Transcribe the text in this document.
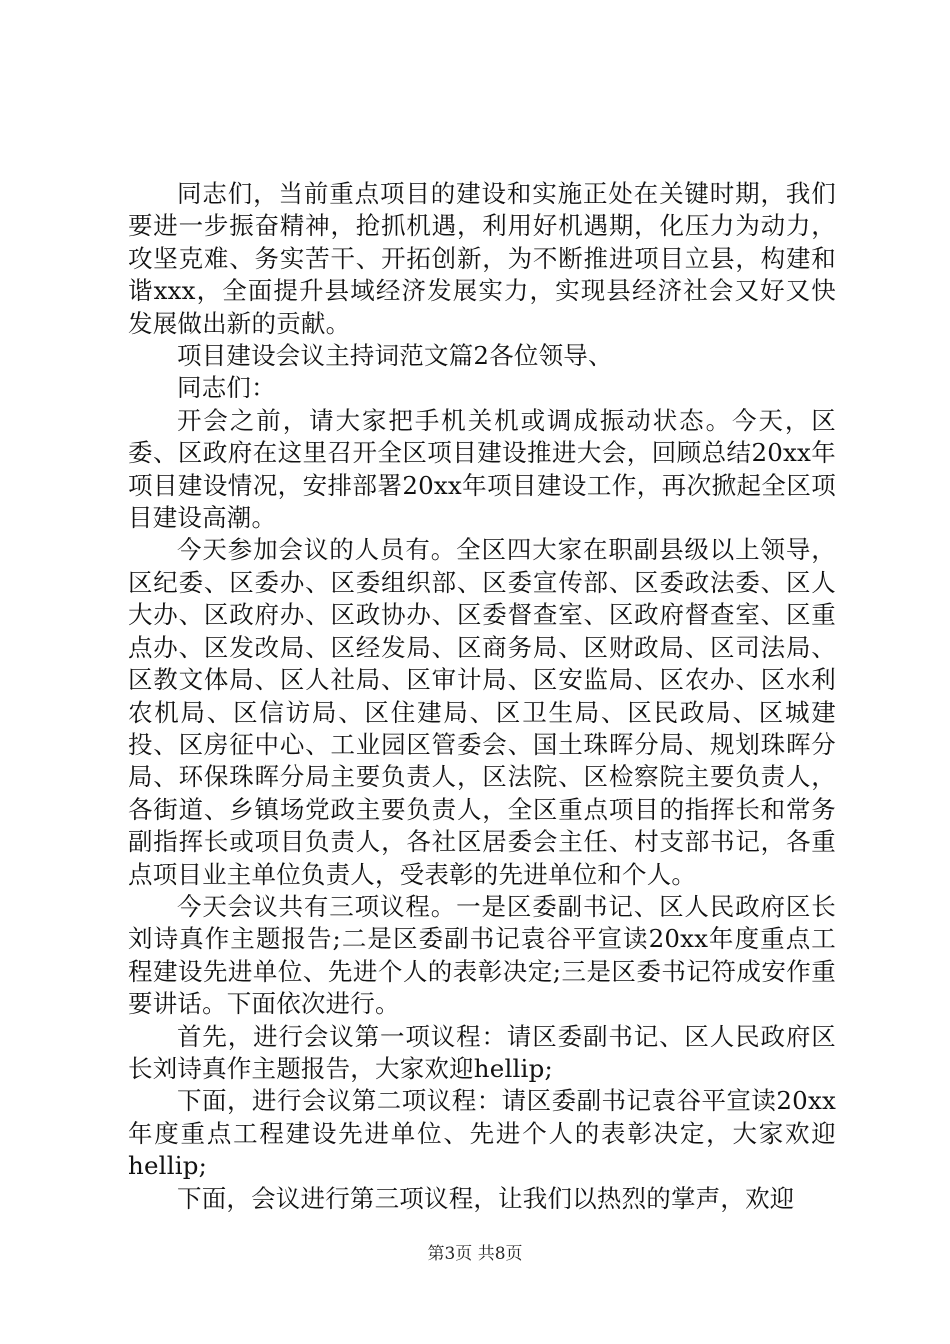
同志们，当前重点项目的建设和实施正处在关键时期，我们要进一步振奋精神，抢抓机遇，利用好机遇期，化压力为动力，攻坚克难、务实苦干、开拓创新，为不断推进项目立县，构建和谐xxx，全面提升县域经济发展实力，实现县经济社会又好又快发展做出新的贡献。

项目建设会议主持词范文篇2各位领导、

同志们：

开会之前，请大家把手机关机或调成振动状态。今天，区委、区政府在这里召开全区项目建设推进大会，回顾总结20xx年项目建设情况，安排部署20xx年项目建设工作，再次掀起全区项目建设高潮。

今天参加会议的人员有。全区四大家在职副县级以上领导，区纪委、区委办、区委组织部、区委宣传部、区委政法委、区人大办、区政府办、区政协办、区委督查室、区政府督查室、区重点办、区发改局、区经发局、区商务局、区财政局、区司法局、区教文体局、区人社局、区审计局、区安监局、区农办、区水利农机局、区信访局、区住建局、区卫生局、区民政局、区城建投、区房征中心、工业园区管委会、国土珠晖分局、规划珠晖分局、环保珠晖分局主要负责人，区法院、区检察院主要负责人，各街道、乡镇场党政主要负责人，全区重点项目的指挥长和常务副指挥长或项目负责人，各社区居委会主任、村支部书记，各重点项目业主单位负责人，受表彰的先进单位和个人。

今天会议共有三项议程。一是区委副书记、区人民政府区长刘诗真作主题报告;二是区委副书记袁谷平宣读20xx年度重点工程建设先进单位、先进个人的表彰决定;三是区委书记符成安作重要讲话。下面依次进行。

首先，进行会议第一项议程：请区委副书记、区人民政府区长刘诗真作主题报告，大家欢迎hellip;

下面，进行会议第二项议程：请区委副书记袁谷平宣读20xx年度重点工程建设先进单位、先进个人的表彰决定，大家欢迎hellip;

下面，会议进行第三项议程，让我们以热烈的掌声，欢迎

第3页 共8页
